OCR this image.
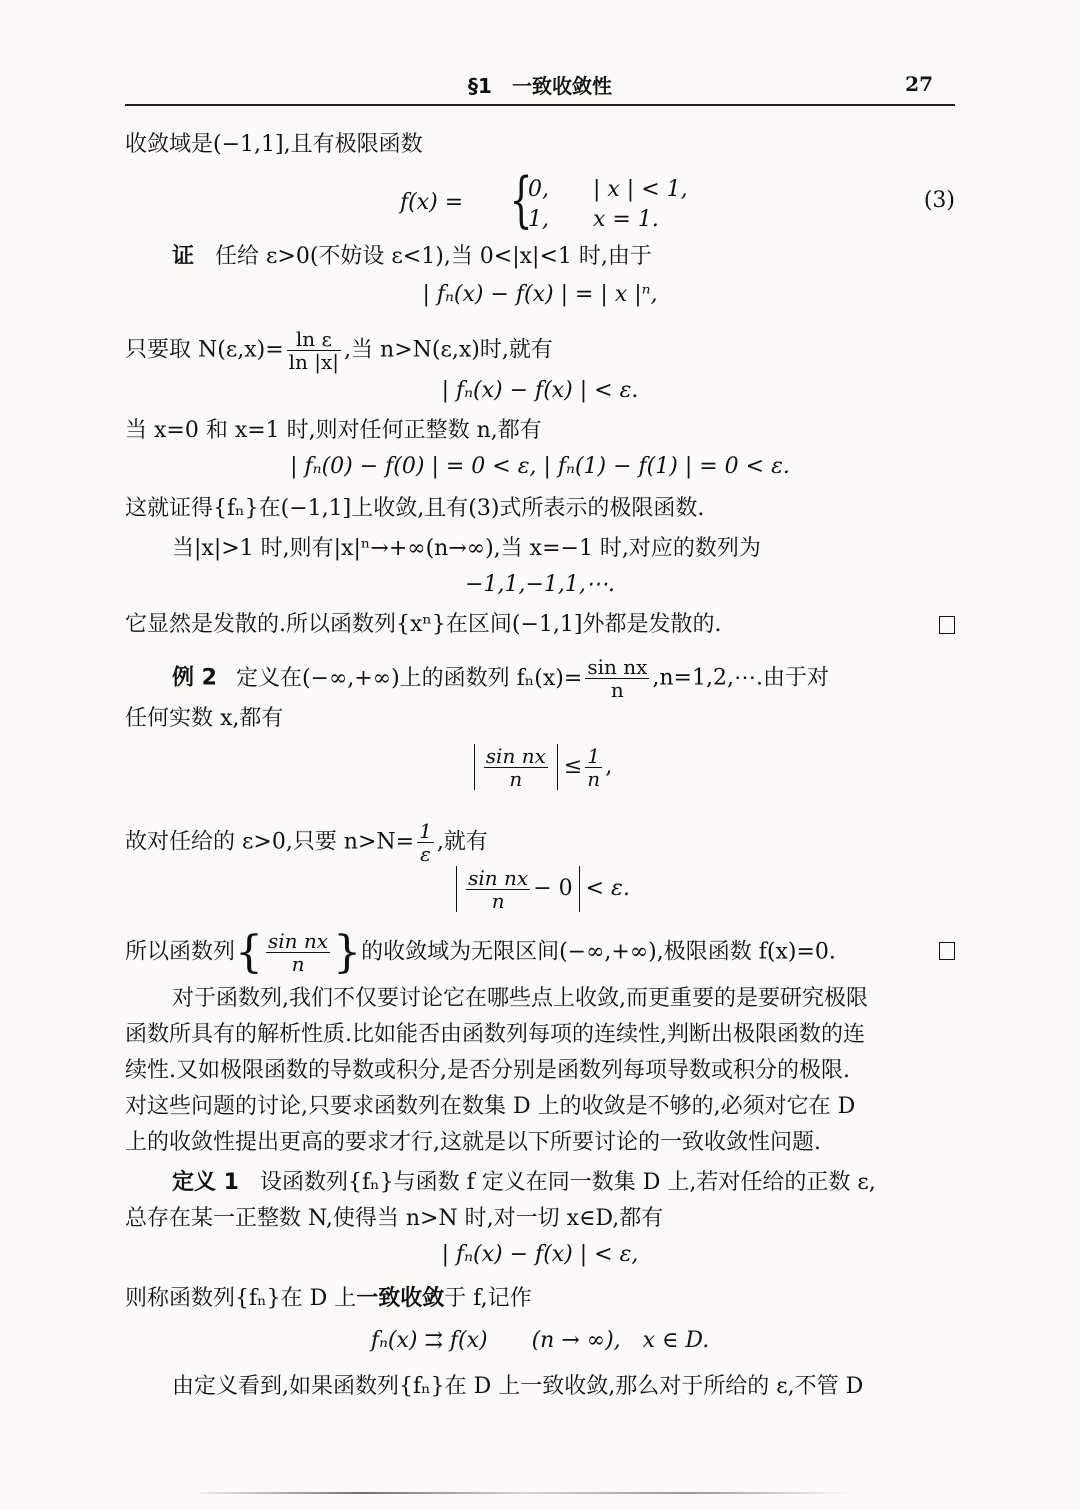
§1　一致收敛性	27
收敛域是(−1,1],且有极限函数
f(x) = {
0,　　| x | < 1,
1,　　x = 1.
(3)
证 任给 ε>0(不妨设 ε<1),当 0<|x|<1 时,由于
| fₙ(x) − f(x) | = | x |ⁿ,
只要取 $N(\varepsilon,x)= \frac{\text{ln ε}}{\ln |x|}$ ,当 n>N(ε,x)时,就有
| fₙ(x) − f(x) | < ε.
当 x=0 和 x=1 时,则对任何正整数 n,都有
| fₙ(0) − f(0) | = 0 < ε, | fₙ(1) − f(1) | = 0 < ε.
这就证得{fₙ}在(−1,1]上收敛,且有(3)式所表示的极限函数.
当|x|>1 时,则有|x|ⁿ→+∞(n→∞),当 x=−1 时,对应的数列为
−1,1,−1,1,⋯.
它显然是发散的.所以函数列{xⁿ}在区间(−1,1]外都是发散的.
例 2 定义在(−∞,+∞)上的函数列 $f_n(x)= \frac{\text{sin nx}}{n}$ ,n=1,2,⋯.由于对
任何实数 x,都有
$\frac{\text{sin nx}}{n} \le \frac{1}{n}$ ,
故对任给的 ε>0,只要 $n>N= \frac{1}{\varepsilon}$ ,就有
$\frac{\text{sin nx}}{n} - 0 < \varepsilon$.
所以函数列{ $\frac{\text{sin nx}}{n}$ }的收敛域为无限区间(−∞,+∞),极限函数 f(x)=0.
对于函数列,我们不仅要讨论它在哪些点上收敛,而更重要的是要研究极限
函数所具有的解析性质.比如能否由函数列每项的连续性,判断出极限函数的连
续性.又如极限函数的导数或积分,是否分别是函数列每项导数或积分的极限.
对这些问题的讨论,只要求函数列在数集 D 上的收敛是不够的,必须对它在 D
上的收敛性提出更高的要求才行,这就是以下所要讨论的一致收敛性问题.
定义 1 设函数列{fₙ}与函数 f 定义在同一数集 D 上,若对任给的正数 ε,
总存在某一正整数 N,使得当 n>N 时,对一切 x∈D,都有
| fₙ(x) − f(x) | < ε,
则称函数列{fₙ}在 D 上一致收敛于 f,记作
fₙ(x) ⇉ f(x)　　(n → ∞),　x ∈ D.
由定义看到,如果函数列{fₙ}在 D 上一致收敛,那么对于所给的 ε,不管 D
